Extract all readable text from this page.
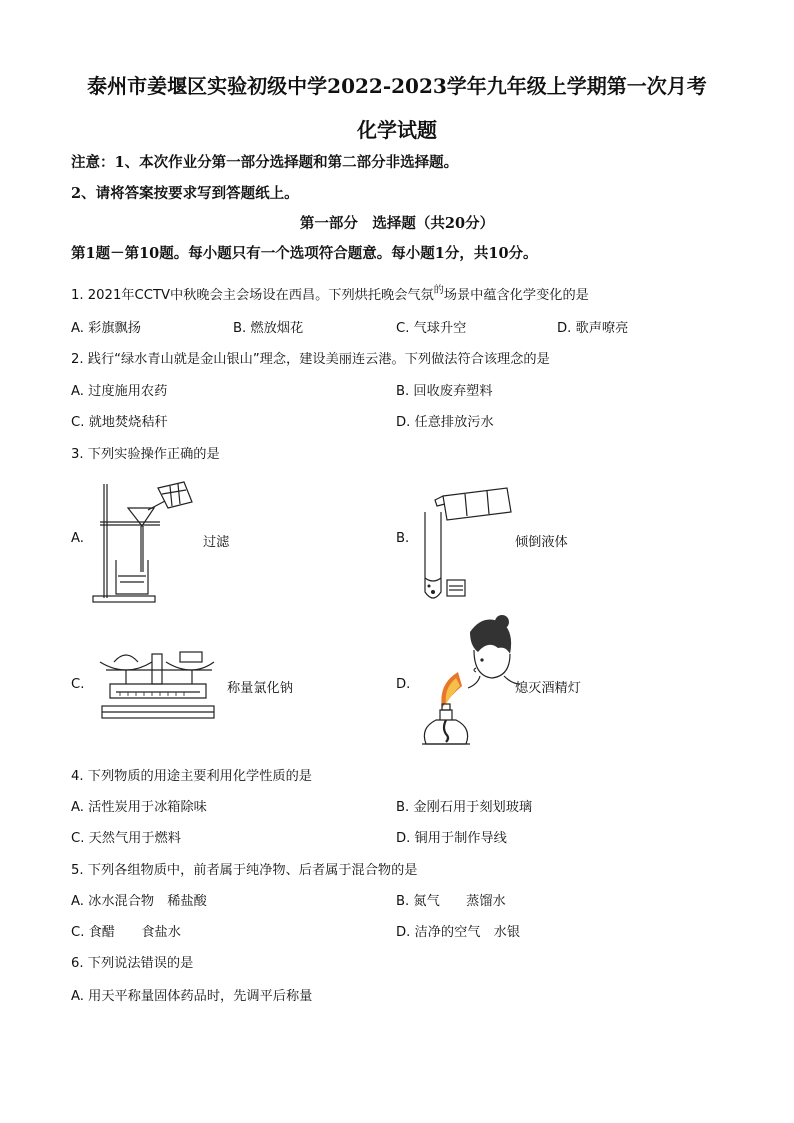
泰州市姜堰区实验初级中学2022-2023学年九年级上学期第一次月考
化学试题
注意：1、本次作业分第一部分选择题和第二部分非选择题。
2、请将答案按要求写到答题纸上。
第一部分　选择题（共20分）
第1题－第10题。每小题只有一个选项符合题意。每小题1分，共10分。
1. 2021年CCTV中秋晚会主会场设在西昌。下列烘托晚会气氛$^的$场景中蕴含化学变化的是
A. 彩旗飘扬	B. 燃放烟花	C. 气球升空	D. 歌声嘹亮
2. 践行“绿水青山就是金山银山”理念，建设美丽连云港。下列做法符合该理念的是
A. 过度施用农药	B. 回收废弃塑料
C. 就地焚烧秸秆	D. 任意排放污水
3. 下列实验操作正确的是
A.	过滤	B.	倾倒液体
C.	称量氯化钠	D.	熄灭酒精灯
4. 下列物质的用途主要利用化学性质的是
A. 活性炭用于冰箱除味	B. 金刚石用于刻划玻璃
C. 天然气用于燃料	D. 铜用于制作导线
5. 下列各组物质中，前者属于纯净物、后者属于混合物的是
A. 冰水混合物　稀盐酸	B. 氮气　　蒸馏水
C. 食醋　　食盐水	D. 洁净的空气　水银
6. 下列说法错误的是
A. 用天平称量固体药品时，先调平后称量
